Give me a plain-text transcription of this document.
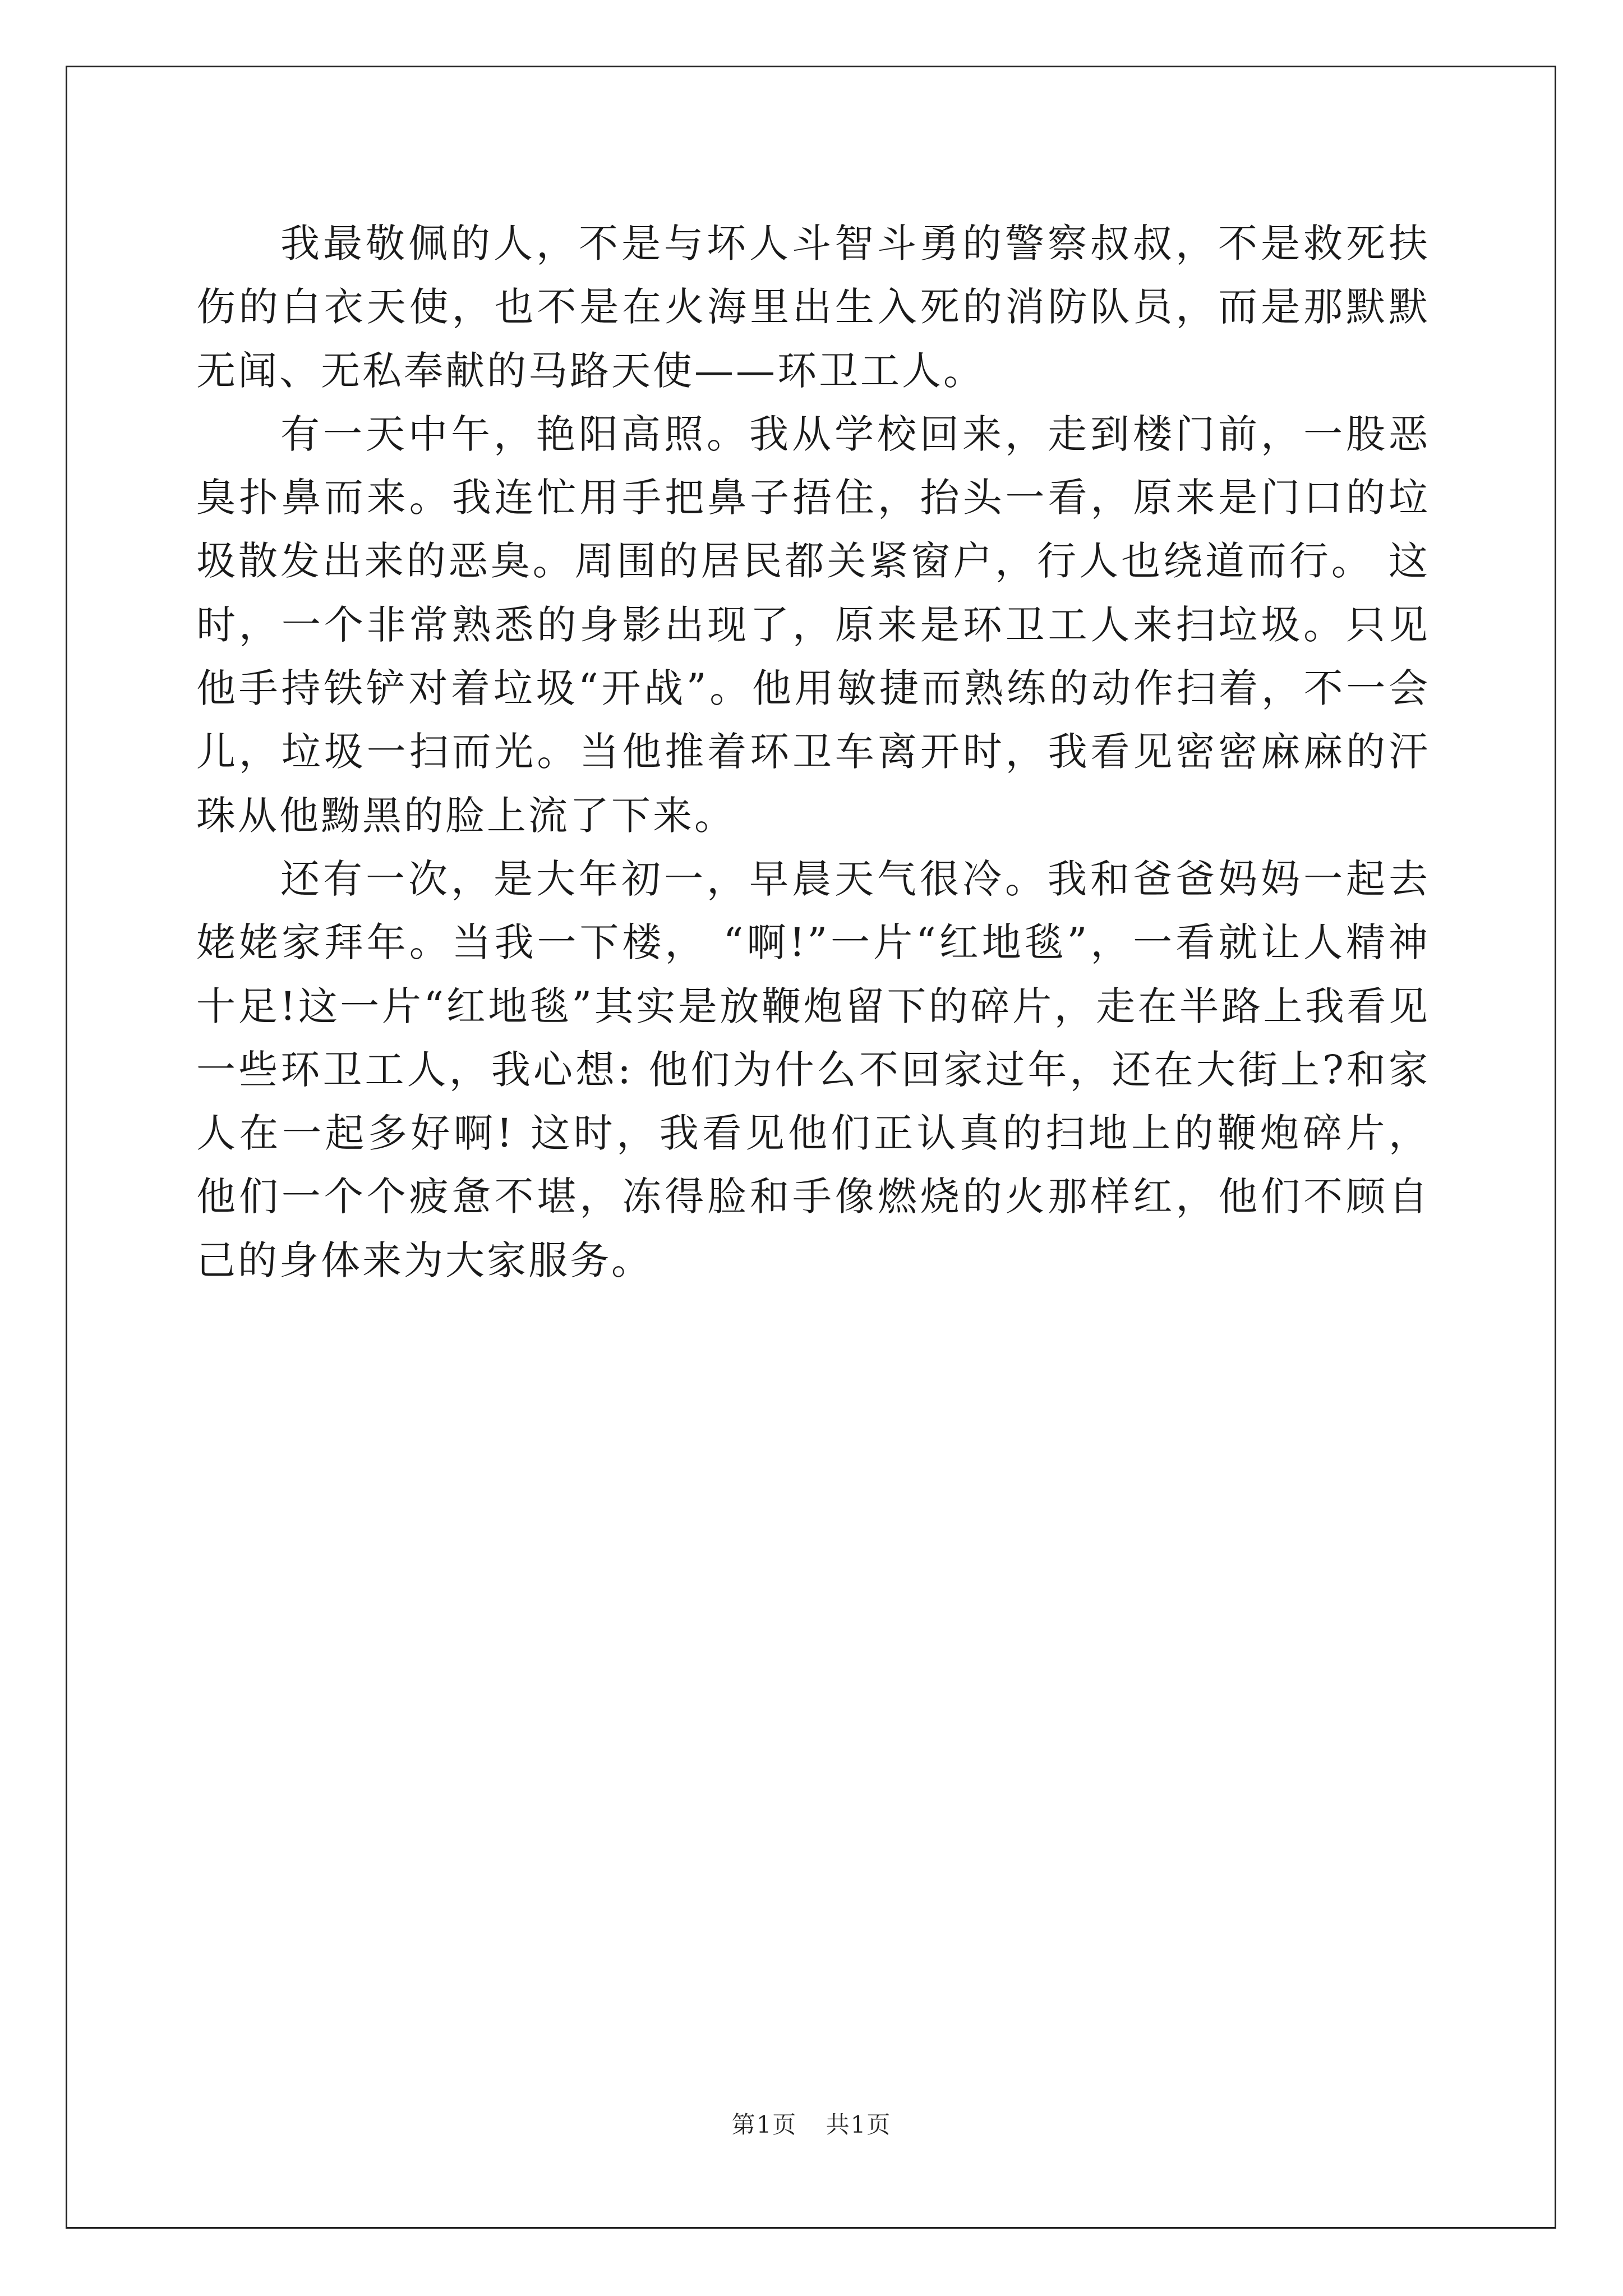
我最敬佩的人，不是与坏人斗智斗勇的警察叔叔，不是救死扶伤的白衣天使，也不是在火海里出生入死的消防队员，而是那默默无闻、无私奉献的马路天使——环卫工人。

有一天中午，艳阳高照。我从学校回来，走到楼门前，一股恶臭扑鼻而来。我连忙用手把鼻子捂住，抬头一看，原来是门口的垃圾散发出来的恶臭。周围的居民都关紧窗户，行人也绕道而行。 这时，一个非常熟悉的身影出现了，原来是环卫工人来扫垃圾。只见他手持铁铲对着垃圾“开战”。他用敏捷而熟练的动作扫着，不一会儿，垃圾一扫而光。当他推着环卫车离开时，我看见密密麻麻的汗珠从他黝黑的脸上流了下来。

还有一次，是大年初一，早晨天气很冷。我和爸爸妈妈一起去姥姥家拜年。当我一下楼， “啊!”一片“红地毯”，一看就让人精神十足!这一片“红地毯”其实是放鞭炮留下的碎片，走在半路上我看见一些环卫工人，我心想: 他们为什么不回家过年，还在大街上?和家人在一起多好啊! 这时，我看见他们正认真的扫地上的鞭炮碎片，他们一个个疲惫不堪，冻得脸和手像燃烧的火那样红，他们不顾自己的身体来为大家服务。

第1页 共1页
